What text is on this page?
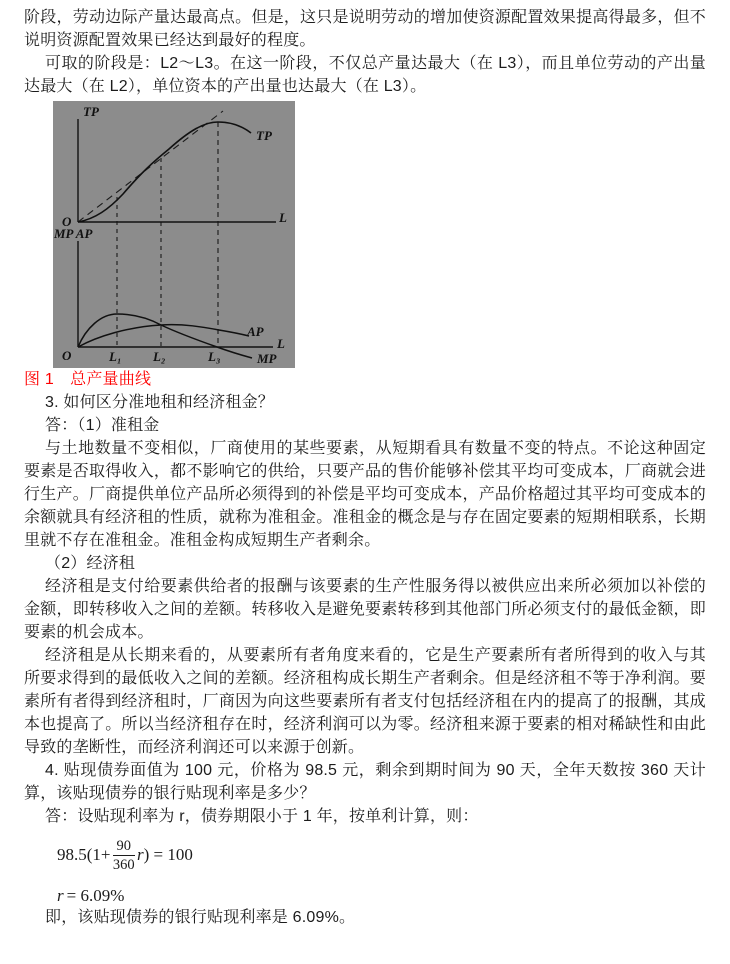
阶段，劳动边际产量达最高点。但是，这只是说明劳动的增加使资源配置效果提高得最多，但不说明资源配置效果已经达到最好的程度。

可取的阶段是：L2～L3。在这一阶段，不仅总产量达最大（在 L3），而且单位劳动的产出量达最大（在 L2），单位资本的产出量也达最大（在 L3）。

TP
O	L
TP
MP AP
O	L₁ L₂	L₃
L
AP
MP

图 1　总产量曲线

3. 如何区分准地租和经济租金？

答：（1）准租金

与土地数量不变相似，厂商使用的某些要素，从短期看具有数量不变的特点。不论这种固定要素是否取得收入，都不影响它的供给，只要产品的售价能够补偿其平均可变成本，厂商就会进行生产。厂商提供单位产品所必须得到的补偿是平均可变成本，产品价格超过其平均可变成本的余额就具有经济租的性质，就称为准租金。准租金的概念是与存在固定要素的短期相联系，长期里就不存在准租金。准租金构成短期生产者剩余。

（2）经济租

经济租是支付给要素供给者的报酬与该要素的生产性服务得以被供应出来所必须加以补偿的金额，即转移收入之间的差额。转移收入是避免要素转移到其他部门所必须支付的最低金额，即要素的机会成本。

经济租是从长期来看的，从要素所有者角度来看的，它是生产要素所有者所得到的收入与其所要求得到的最低收入之间的差额。经济租构成长期生产者剩余。但是经济租不等于净利润。要素所有者得到经济租时，厂商因为向这些要素所有者支付包括经济租在内的提高了的报酬，其成本也提高了。所以当经济租存在时，经济利润可以为零。经济租来源于要素的相对稀缺性和由此导致的垄断性，而经济利润还可以来源于创新。

4. 贴现债券面值为 100 元，价格为 98.5 元，剩余到期时间为 90 天，全年天数按 360 天计算，该贴现债券的银行贴现利率是多少？

答：设贴现利率为 r，债券期限小于 1 年，按单利计算，则：

$98.5(1+ \frac{90}{360}$ r ) = 100
r = 6.09%

即，该贴现债券的银行贴现利率是 6.09%。
